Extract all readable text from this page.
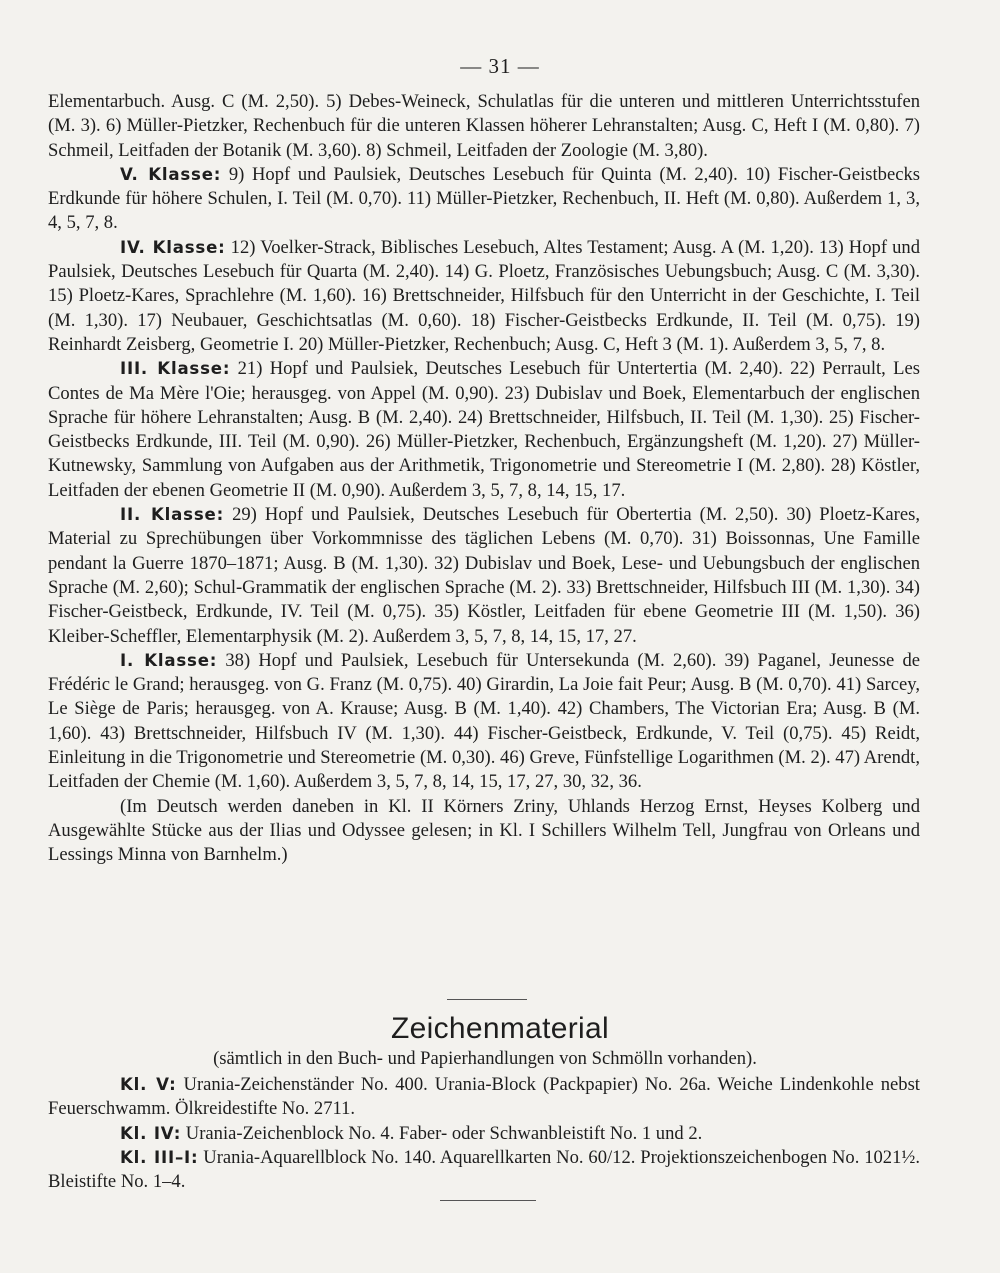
— 31 —

Elementarbuch. Ausg. C (M. 2,50). 5) Debes-Weineck, Schulatlas für die unteren und mittleren Unterrichtsstufen (M. 3). 6) Müller-Pietzker, Rechenbuch für die unteren Klassen höherer Lehranstalten; Ausg. C, Heft I (M. 0,80). 7) Schmeil, Leitfaden der Botanik (M. 3,60). 8) Schmeil, Leitfaden der Zoologie (M. 3,80).

V. Klasse: 9) Hopf und Paulsiek, Deutsches Lesebuch für Quinta (M. 2,40). 10) Fischer-Geistbecks Erdkunde für höhere Schulen, I. Teil (M. 0,70). 11) Müller-Pietzker, Rechenbuch, II. Heft (M. 0,80). Außerdem 1, 3, 4, 5, 7, 8.

IV. Klasse: 12) Voelker-Strack, Biblisches Lesebuch, Altes Testament; Ausg. A (M. 1,20). 13) Hopf und Paulsiek, Deutsches Lesebuch für Quarta (M. 2,40). 14) G. Ploetz, Französisches Uebungsbuch; Ausg. C (M. 3,30). 15) Ploetz-Kares, Sprachlehre (M. 1,60). 16) Brettschneider, Hilfsbuch für den Unterricht in der Geschichte, I. Teil (M. 1,30). 17) Neubauer, Geschichtsatlas (M. 0,60). 18) Fischer-Geistbecks Erdkunde, II. Teil (M. 0,75). 19) Reinhardt Zeisberg, Geometrie I. 20) Müller-Pietzker, Rechenbuch; Ausg. C, Heft 3 (M. 1). Außerdem 3, 5, 7, 8.

III. Klasse: 21) Hopf und Paulsiek, Deutsches Lesebuch für Untertertia (M. 2,40). 22) Perrault, Les Contes de Ma Mère l'Oie; herausgeg. von Appel (M. 0,90). 23) Dubislav und Boek, Elementarbuch der englischen Sprache für höhere Lehranstalten; Ausg. B (M. 2,40). 24) Brettschneider, Hilfsbuch, II. Teil (M. 1,30). 25) Fischer-Geistbecks Erdkunde, III. Teil (M. 0,90). 26) Müller-Pietzker, Rechenbuch, Ergänzungsheft (M. 1,20). 27) Müller-Kutnewsky, Sammlung von Aufgaben aus der Arithmetik, Trigonometrie und Stereometrie I (M. 2,80). 28) Köstler, Leitfaden der ebenen Geometrie II (M. 0,90). Außerdem 3, 5, 7, 8, 14, 15, 17.

II. Klasse: 29) Hopf und Paulsiek, Deutsches Lesebuch für Obertertia (M. 2,50). 30) Ploetz-Kares, Material zu Sprechübungen über Vorkommnisse des täglichen Lebens (M. 0,70). 31) Boissonnas, Une Famille pendant la Guerre 1870–1871; Ausg. B (M. 1,30). 32) Dubislav und Boek, Lese- und Uebungsbuch der englischen Sprache (M. 2,60); Schul-Grammatik der englischen Sprache (M. 2). 33) Brettschneider, Hilfsbuch III (M. 1,30). 34) Fischer-Geistbeck, Erdkunde, IV. Teil (M. 0,75). 35) Köstler, Leitfaden für ebene Geometrie III (M. 1,50). 36) Kleiber-Scheffler, Elementarphysik (M. 2). Außerdem 3, 5, 7, 8, 14, 15, 17, 27.

I. Klasse: 38) Hopf und Paulsiek, Lesebuch für Untersekunda (M. 2,60). 39) Paganel, Jeunesse de Frédéric le Grand; herausgeg. von G. Franz (M. 0,75). 40) Girardin, La Joie fait Peur; Ausg. B (M. 0,70). 41) Sarcey, Le Siège de Paris; herausgeg. von A. Krause; Ausg. B (M. 1,40). 42) Chambers, The Victorian Era; Ausg. B (M. 1,60). 43) Brettschneider, Hilfsbuch IV (M. 1,30). 44) Fischer-Geistbeck, Erdkunde, V. Teil (0,75). 45) Reidt, Einleitung in die Trigonometrie und Stereometrie (M. 0,30). 46) Greve, Fünfstellige Logarithmen (M. 2). 47) Arendt, Leitfaden der Chemie (M. 1,60). Außerdem 3, 5, 7, 8, 14, 15, 17, 27, 30, 32, 36.

(Im Deutsch werden daneben in Kl. II Körners Zriny, Uhlands Herzog Ernst, Heyses Kolberg und Ausgewählte Stücke aus der Ilias und Odyssee gelesen; in Kl. I Schillers Wilhelm Tell, Jungfrau von Orleans und Lessings Minna von Barnhelm.)

Zeichenmaterial
(sämtlich in den Buch- und Papierhandlungen von Schmölln vorhanden).

Kl. V: Urania-Zeichenständer No. 400. Urania-Block (Packpapier) No. 26a. Weiche Lindenkohle nebst Feuerschwamm. Ölkreidestifte No. 2711.

Kl. IV: Urania-Zeichenblock No. 4. Faber- oder Schwanbleistift No. 1 und 2.

Kl. III–I: Urania-Aquarellblock No. 140. Aquarellkarten No. 60/12. Projektionszeichenbogen No. 1021½. Bleistifte No. 1–4.
